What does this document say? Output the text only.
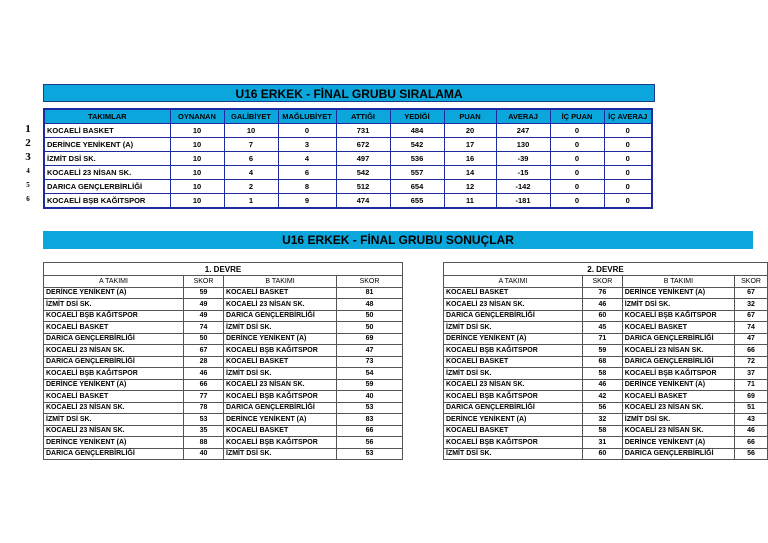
U16 ERKEK - FİNAL GRUBU SIRALAMA
1
2
3
4
5
6
TAKIMLAR	OYNANAN	GALİBİYET	MAĞLUBİYET	ATTIĞI	YEDİĞİ	PUAN	AVERAJ	İÇ PUAN	İÇ AVERAJ
KOCAELİ BASKET	10	10	0	731	484	20	247	0	0
DERİNCE YENİKENT (A)	10	7	3	672	542	17	130	0	0
İZMİT DSİ SK.	10	6	4	497	536	16	-39	0	0
KOCAELİ 23 NİSAN SK.	10	4	6	542	557	14	-15	0	0
DARICA GENÇLERBİRLİĞİ	10	2	8	512	654	12	-142	0	0
KOCAELİ BŞB KAĞITSPOR	10	1	9	474	655	11	-181	0	0
U16 ERKEK - FİNAL GRUBU SONUÇLAR
1. DEVRE			
A TAKIMI	SKOR	B TAKIMI	SKOR
DERİNCE YENİKENT (A)	59	KOCAELİ BASKET	81
İZMİT DSİ SK.	49	KOCAELİ 23 NİSAN SK.	48
KOCAELİ BŞB KAĞITSPOR	49	DARICA GENÇLERBİRLİĞİ	50
KOCAELİ BASKET	74	İZMİT DSİ SK.	50
DARICA GENÇLERBİRLİĞİ	50	DERİNCE YENİKENT (A)	69
KOCAELİ 23 NİSAN SK.	67	KOCAELİ BŞB KAĞITSPOR	47
DARICA GENÇLERBİRLİĞİ	28	KOCAELİ BASKET	73
KOCAELİ BŞB KAĞITSPOR	46	İZMİT DSİ SK.	54
DERİNCE YENİKENT (A)	66	KOCAELİ 23 NİSAN SK.	59
KOCAELİ BASKET	77	KOCAELİ BŞB KAĞITSPOR	40
KOCAELİ 23 NİSAN SK.	78	DARICA GENÇLERBİRLİĞİ	53
İZMİT DSİ SK.	53	DERİNCE YENİKENT (A)	83
KOCAELİ 23 NİSAN SK.	35	KOCAELİ BASKET	66
DERİNCE YENİKENT (A)	88	KOCAELİ BŞB KAĞITSPOR	56
DARICA GENÇLERBİRLİĞİ	40	İZMİT DSİ SK.	53
2. DEVRE			
A TAKIMI	SKOR	B TAKIMI	SKOR
KOCAELİ BASKET	76	DERİNCE YENİKENT (A)	67
KOCAELİ 23 NİSAN SK.	46	İZMİT DSİ SK.	32
DARICA GENÇLERBİRLİĞİ	60	KOCAELİ BŞB KAĞITSPOR	67
İZMİT DSİ SK.	45	KOCAELİ BASKET	74
DERİNCE YENİKENT (A)	71	DARICA GENÇLERBİRLİĞİ	47
KOCAELİ BŞB KAĞITSPOR	59	KOCAELİ 23 NİSAN SK.	66
KOCAELİ BASKET	68	DARICA GENÇLERBİRLİĞİ	72
İZMİT DSİ SK.	58	KOCAELİ BŞB KAĞITSPOR	37
KOCAELİ 23 NİSAN SK.	46	DERİNCE YENİKENT (A)	71
KOCAELİ BŞB KAĞITSPOR	42	KOCAELİ BASKET	69
DARICA GENÇLERBİRLİĞİ	56	KOCAELİ 23 NİSAN SK.	51
DERİNCE YENİKENT (A)	32	İZMİT DSİ SK.	43
KOCAELİ BASKET	58	KOCAELİ 23 NİSAN SK.	46
KOCAELİ BŞB KAĞITSPOR	31	DERİNCE YENİKENT (A)	66
İZMİT DSİ SK.	60	DARICA GENÇLERBİRLİĞİ	56
